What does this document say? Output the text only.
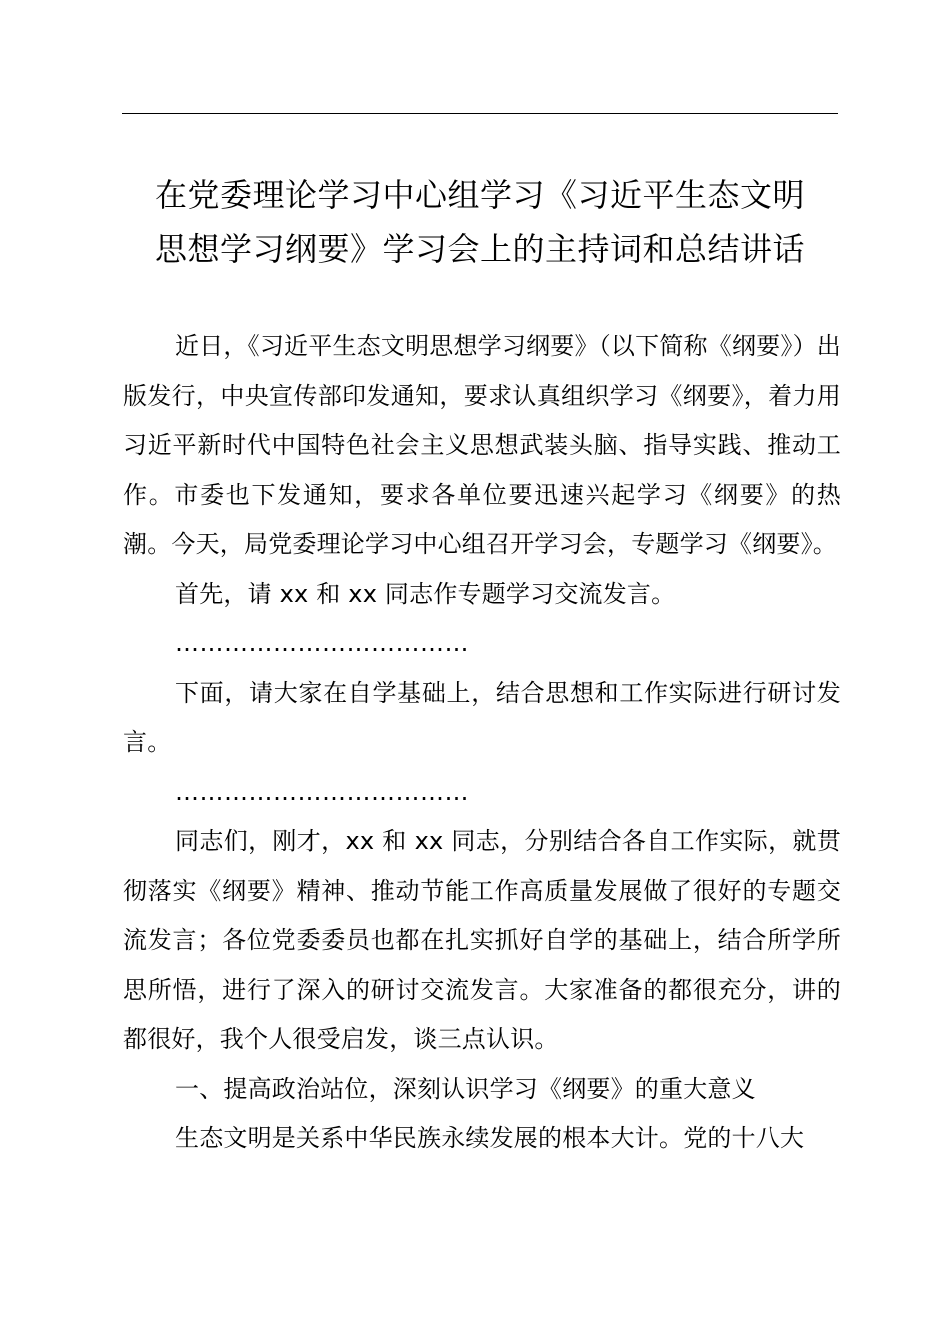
在党委理论学习中心组学习《习近平生态文明
思想学习纲要》学习会上的主持词和总结讲话

近日，《习近平生态文明思想学习纲要》（以下简称《纲要》）出版发行，中央宣传部印发通知，要求认真组织学习《纲要》，着力用习近平新时代中国特色社会主义思想武装头脑、指导实践、推动工作。市委也下发通知，要求各单位要迅速兴起学习《纲要》的热潮。今天，局党委理论学习中心组召开学习会，专题学习《纲要》。

首先，请 xx 和 xx 同志作专题学习交流发言。

………………………………

下面，请大家在自学基础上，结合思想和工作实际进行研讨发言。

………………………………

同志们，刚才，xx 和 xx 同志，分别结合各自工作实际，就贯彻落实《纲要》精神、推动节能工作高质量发展做了很好的专题交流发言；各位党委委员也都在扎实抓好自学的基础上，结合所学所思所悟，进行了深入的研讨交流发言。大家准备的都很充分，讲的都很好，我个人很受启发，谈三点认识。

一、提高政治站位，深刻认识学习《纲要》的重大意义

生态文明是关系中华民族永续发展的根本大计。党的十八大
